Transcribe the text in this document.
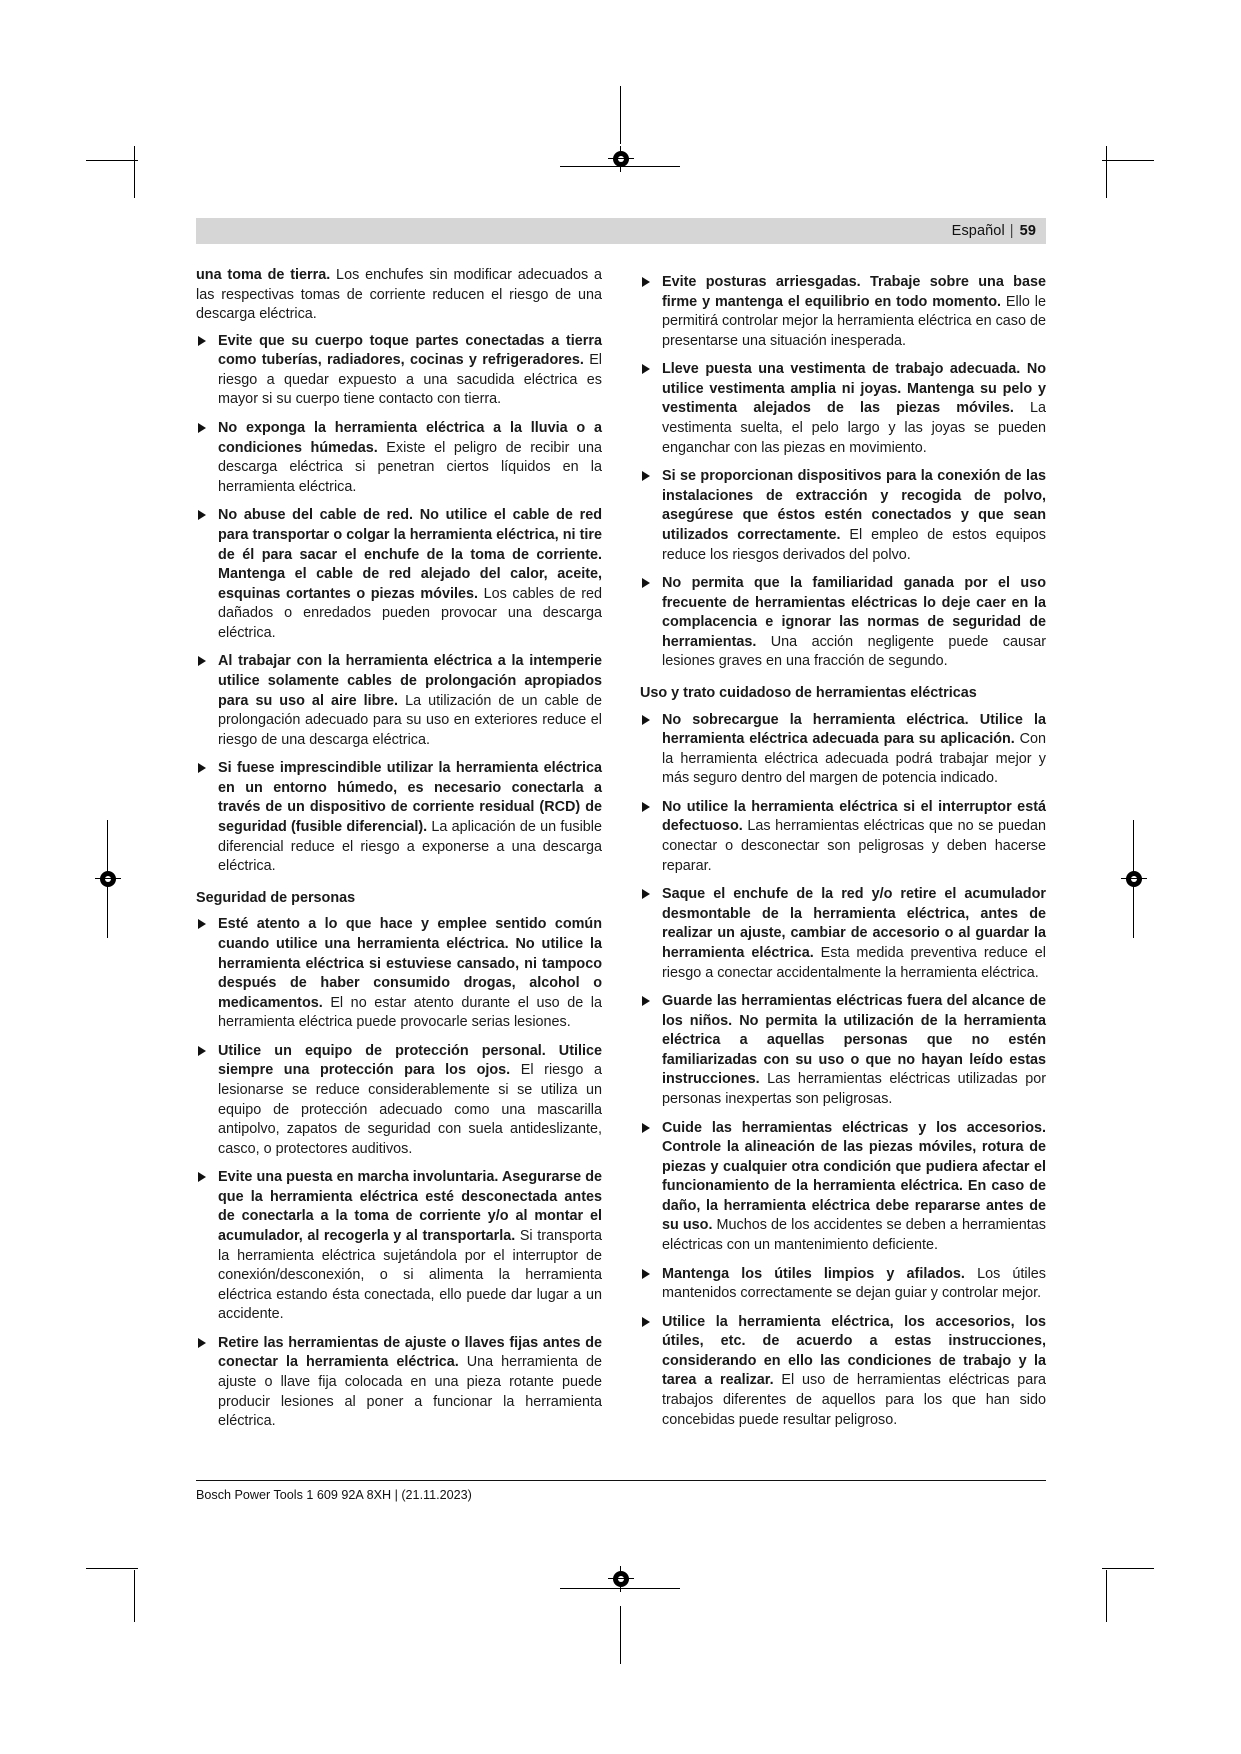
Español | 59

una toma de tierra. Los enchufes sin modificar adecuados a las respectivas tomas de corriente reducen el riesgo de una descarga eléctrica.

Evite que su cuerpo toque partes conectadas a tierra como tuberías, radiadores, cocinas y refrigeradores. El riesgo a quedar expuesto a una sacudida eléctrica es mayor si su cuerpo tiene contacto con tierra.
No exponga la herramienta eléctrica a la lluvia o a condiciones húmedas. Existe el peligro de recibir una descarga eléctrica si penetran ciertos líquidos en la herramienta eléctrica.
No abuse del cable de red. No utilice el cable de red para transportar o colgar la herramienta eléctrica, ni tire de él para sacar el enchufe de la toma de corriente. Mantenga el cable de red alejado del calor, aceite, esquinas cortantes o piezas móviles. Los cables de red dañados o enredados pueden provocar una descarga eléctrica.
Al trabajar con la herramienta eléctrica a la intemperie utilice solamente cables de prolongación apropiados para su uso al aire libre. La utilización de un cable de prolongación adecuado para su uso en exteriores reduce el riesgo de una descarga eléctrica.
Si fuese imprescindible utilizar la herramienta eléctrica en un entorno húmedo, es necesario conectarla a través de un dispositivo de corriente residual (RCD) de seguridad (fusible diferencial). La aplicación de un fusible diferencial reduce el riesgo a exponerse a una descarga eléctrica.
Seguridad de personas
Esté atento a lo que hace y emplee sentido común cuando utilice una herramienta eléctrica. No utilice la herramienta eléctrica si estuviese cansado, ni tampoco después de haber consumido drogas, alcohol o medicamentos. El no estar atento durante el uso de la herramienta eléctrica puede provocarle serias lesiones.
Utilice un equipo de protección personal. Utilice siempre una protección para los ojos. El riesgo a lesionarse se reduce considerablemente si se utiliza un equipo de protección adecuado como una mascarilla antipolvo, zapatos de seguridad con suela antideslizante, casco, o protectores auditivos.
Evite una puesta en marcha involuntaria. Asegurarse de que la herramienta eléctrica esté desconectada antes de conectarla a la toma de corriente y/o al montar el acumulador, al recogerla y al transportarla. Si transporta la herramienta eléctrica sujetándola por el interruptor de conexión/desconexión, o si alimenta la herramienta eléctrica estando ésta conectada, ello puede dar lugar a un accidente.
Retire las herramientas de ajuste o llaves fijas antes de conectar la herramienta eléctrica. Una herramienta de ajuste o llave fija colocada en una pieza rotante puede producir lesiones al poner a funcionar la herramienta eléctrica.
Evite posturas arriesgadas. Trabaje sobre una base firme y mantenga el equilibrio en todo momento. Ello le permitirá controlar mejor la herramienta eléctrica en caso de presentarse una situación inesperada.
Lleve puesta una vestimenta de trabajo adecuada. No utilice vestimenta amplia ni joyas. Mantenga su pelo y vestimenta alejados de las piezas móviles. La vestimenta suelta, el pelo largo y las joyas se pueden enganchar con las piezas en movimiento.
Si se proporcionan dispositivos para la conexión de las instalaciones de extracción y recogida de polvo, asegúrese que éstos estén conectados y que sean utilizados correctamente. El empleo de estos equipos reduce los riesgos derivados del polvo.
No permita que la familiaridad ganada por el uso frecuente de herramientas eléctricas lo deje caer en la complacencia e ignorar las normas de seguridad de herramientas. Una acción negligente puede causar lesiones graves en una fracción de segundo.
Uso y trato cuidadoso de herramientas eléctricas
No sobrecargue la herramienta eléctrica. Utilice la herramienta eléctrica adecuada para su aplicación. Con la herramienta eléctrica adecuada podrá trabajar mejor y más seguro dentro del margen de potencia indicado.
No utilice la herramienta eléctrica si el interruptor está defectuoso. Las herramientas eléctricas que no se puedan conectar o desconectar son peligrosas y deben hacerse reparar.
Saque el enchufe de la red y/o retire el acumulador desmontable de la herramienta eléctrica, antes de realizar un ajuste, cambiar de accesorio o al guardar la herramienta eléctrica. Esta medida preventiva reduce el riesgo a conectar accidentalmente la herramienta eléctrica.
Guarde las herramientas eléctricas fuera del alcance de los niños. No permita la utilización de la herramienta eléctrica a aquellas personas que no estén familiarizadas con su uso o que no hayan leído estas instrucciones. Las herramientas eléctricas utilizadas por personas inexpertas son peligrosas.
Cuide las herramientas eléctricas y los accesorios. Controle la alineación de las piezas móviles, rotura de piezas y cualquier otra condición que pudiera afectar el funcionamiento de la herramienta eléctrica. En caso de daño, la herramienta eléctrica debe repararse antes de su uso. Muchos de los accidentes se deben a herramientas eléctricas con un mantenimiento deficiente.
Mantenga los útiles limpios y afilados. Los útiles mantenidos correctamente se dejan guiar y controlar mejor.
Utilice la herramienta eléctrica, los accesorios, los útiles, etc. de acuerdo a estas instrucciones, considerando en ello las condiciones de trabajo y la tarea a realizar. El uso de herramientas eléctricas para trabajos diferentes de aquellos para los que han sido concebidas puede resultar peligroso.
Bosch Power Tools 1 609 92A 8XH | (21.11.2023)
